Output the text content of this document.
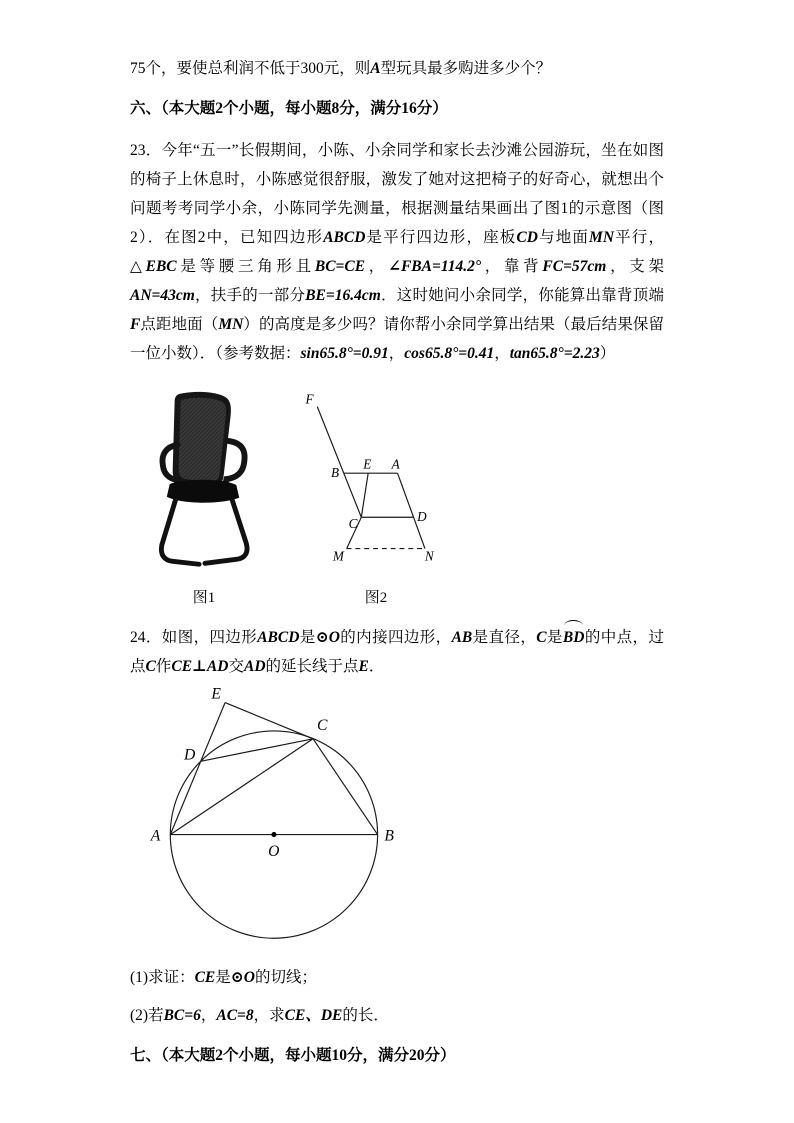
75个，要使总利润不低于300元，则A型玩具最多购进多少个？

六、（本大题2个小题，每小题8分，满分16分）

23．今年“五一”长假期间，小陈、小余同学和家长去沙滩公园游玩，坐在如图的椅子上休息时，小陈感觉很舒服，激发了她对这把椅子的好奇心，就想出个问题考考同学小余，小陈同学先测量，根据测量结果画出了图1的示意图（图2）．在图2中，已知四边形ABCD是平行四边形，座板CD与地面MN平行，△EBC是等腰三角形且BC=CE，∠FBA=114.2°，靠背FC=57cm，支架AN=43cm，扶手的一部分BE=16.4cm．这时她问小余同学，你能算出靠背顶端F点距地面（MN）的高度是多少吗？请你帮小余同学算出结果（最后结果保留一位小数）．（参考数据：sin65.8°=0.91，cos65.8°=0.41，tan65.8°=2.23）

图1
F
B
E A
C	D
M	N
图2

24．如图，四边形ABCD是⊙O的内接四边形，AB是直径，C是BD的中点，过点C作CE⊥AD交AD的延长线于点E．

E
D
C
A	B
O

(1)求证：CE是⊙O的切线；

(2)若BC=6，AC=8，求CE、DE的长．

七、（本大题2个小题，每小题10分，满分20分）
